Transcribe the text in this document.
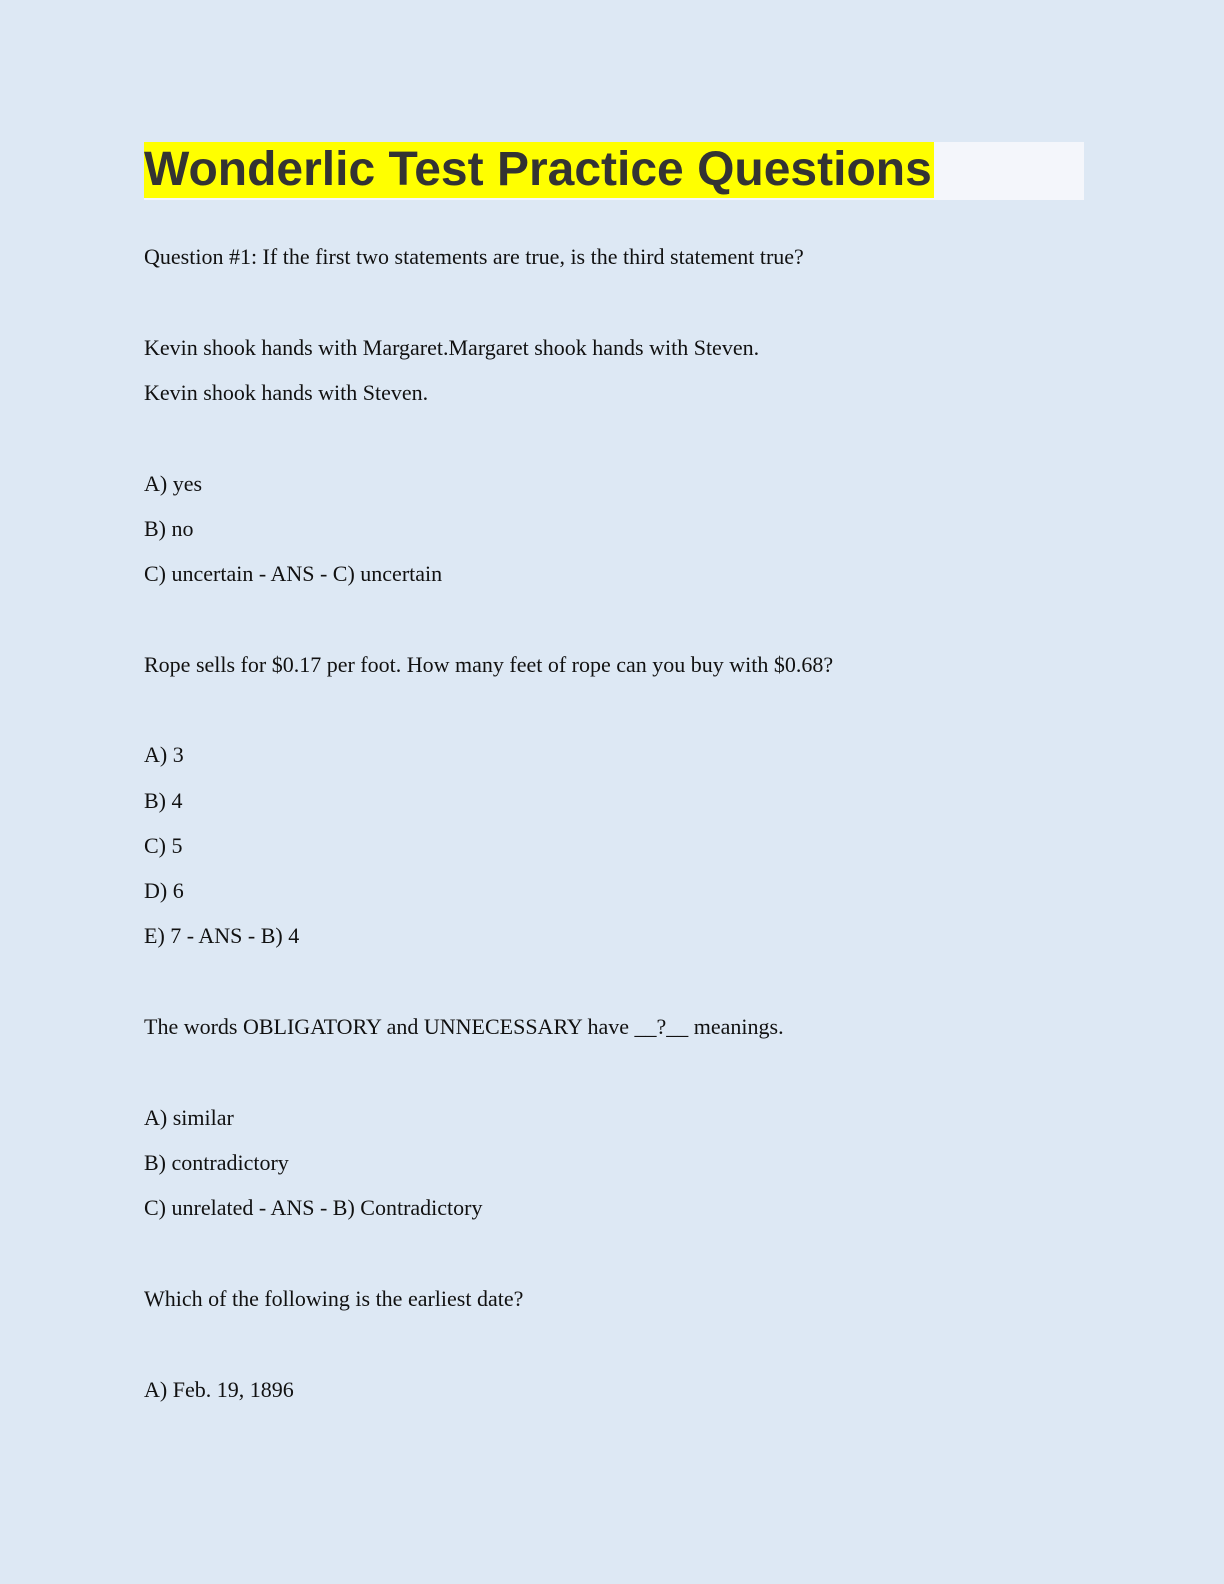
Wonderlic Test Practice Questions
Question #1: If the first two statements are true, is the third statement true?
Kevin shook hands with Margaret.Margaret shook hands with Steven.
Kevin shook hands with Steven.
A) yes
B) no
C) uncertain - ANS - C) uncertain
Rope sells for $0.17 per foot. How many feet of rope can you buy with $0.68?
A) 3
B) 4
C) 5
D) 6
E) 7 - ANS - B) 4
The words OBLIGATORY and UNNECESSARY have __?__ meanings.
A) similar
B) contradictory
C) unrelated - ANS - B) Contradictory
Which of the following is the earliest date?
A) Feb. 19, 1896
